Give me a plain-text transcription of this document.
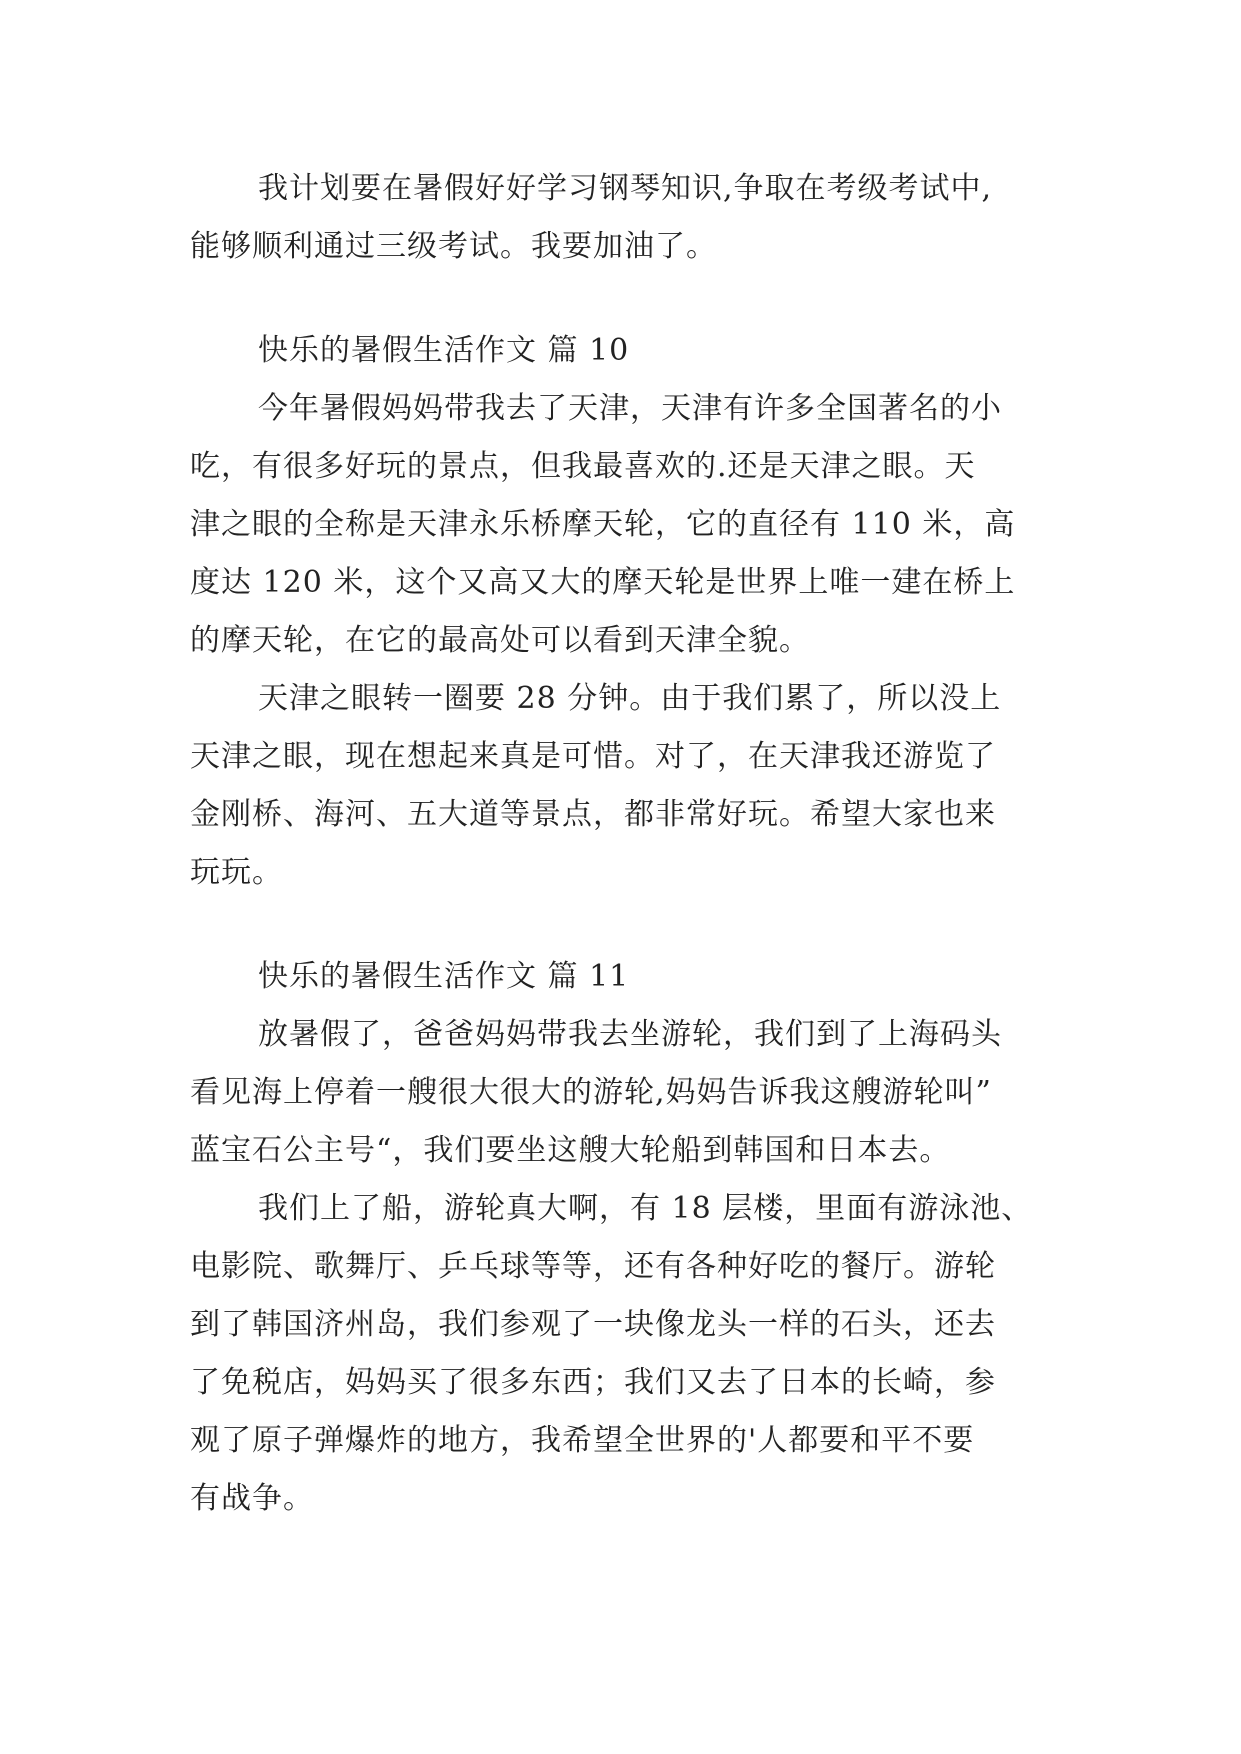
我计划要在暑假好好学习钢琴知识,争取在考级考试中,
能够顺利通过三级考试。我要加油了。
快乐的暑假生活作文 篇 10
今年暑假妈妈带我去了天津，天津有许多全国著名的小
吃，有很多好玩的景点，但我最喜欢的.还是天津之眼。天
津之眼的全称是天津永乐桥摩天轮，它的直径有 110 米，高
度达 120 米，这个又高又大的摩天轮是世界上唯一建在桥上
的摩天轮，在它的最高处可以看到天津全貌。
天津之眼转一圈要 28 分钟。由于我们累了，所以没上
天津之眼，现在想起来真是可惜。对了，在天津我还游览了
金刚桥、海河、五大道等景点，都非常好玩。希望大家也来
玩玩。
快乐的暑假生活作文 篇 11
放暑假了，爸爸妈妈带我去坐游轮，我们到了上海码头
看见海上停着一艘很大很大的游轮,妈妈告诉我这艘游轮叫”
蓝宝石公主号“，我们要坐这艘大轮船到韩国和日本去。
我们上了船，游轮真大啊，有 18 层楼，里面有游泳池、
电影院、歌舞厅、乒乓球等等，还有各种好吃的餐厅。游轮
到了韩国济州岛，我们参观了一块像龙头一样的石头，还去
了免税店，妈妈买了很多东西；我们又去了日本的长崎，参
观了原子弹爆炸的地方，我希望全世界的'人都要和平不要
有战争。
